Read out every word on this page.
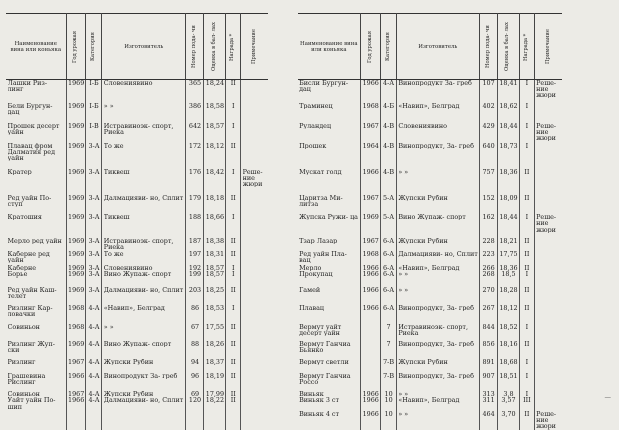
Наименование вина или коньяка	Год урожая	Категория	Изготовитель	Номер пода- чи	Оценка в бал- лах	Награда *	Примечание		Наименование вина или коньяка	Год урожая	Категория	Изготовитель	Номер пода- чи	Оценка в бал- лах	Награда *	Примечание

Лашки Риз- линг	1969	I-Б	Словениявино	365	18,24	II			Бисли Бургун- дац	1966	4-А	Винопродукт За- греб	107	18,41	I	Реше- ние жюри

Бели Бургун- дац	1969	I-Б	» »	386	18,58	I			Траминец	1968	4-Б	«Навип», Белград	402	18,62	I	

Прошек десерт уайн	1969	I-В	Истравиноэк- спорт, Риека	642	18,57	I			Руландец	1967	4-В	Словениявино	429	18,44	I	Реше- ние жюри

Плавац фром Далматия ред уайн	1969	3-А	То же	172	18,12	II			Прошек	1964	4-В	Винопродукт, За- греб	640	18,73	I	

Кратер	1969	3-А	Тиквеш	176	18,42	I	Реше- ние жюри		Мускат голд	1966	4-В	» »	757	18,36	II	

Ред уайн По- ступ	1969	3-А	Далмацияви- но, Сплит	179	18,18	II			Царитза Ми- литза	1967	5-А	Жупски Рубин	152	18,09	II	

Кратошия	1969	3-А	Тиквеш	188	18,66	I			Жупска Ружи- ца	1969	5-А	Вино Жупаж- спорт	162	18,44	I	Реше- ние жюри

Мерло ред уайн	1969	3-А	Истравиноэк- спорт, Риека	187	18,38	II			Тзар Лазар	1967	6-А	Жупски Рубин	228	18,21	II	

Каберне ред уайн	1969	3-А	То же	197	18,31	II			Ред уайн Пла- вац	1968	6-А	Далмацияви- но, Сплит	223	17,75	II	

Каберне	1969	3-А	Словениявино	192	18,57	I			Мерло	1966	6-А	«Навип», Белград	266	18,36	II	

Борье	1969	3-А	Вино Жупаж- спорт	199	18,57	I			Прокупац	1966	6-А	» »	268	18,5	I	

Ред уайн Каш- телет	1969	3-А	Далмацияви- но, Сплит	203	18,25	II			Гамей	1966	6-А	» »	270	18,28	II	

Ризлинг Кар- ловачки	1968	4-А	«Навип», Белград	86	18,53	I			Плавац	1966	6-А	Винопродукт, За- греб	267	18,12	II	

Совиньон	1968	4-А	» »	67	17,55	II			Вермут уайт десерт уайн		7	Истравиноэк- спорт, Риека	844	18,52	I	

Ризлинг Жуп- ски	1969	4-А	Вино Жупаж- спорт	88	18,26	II			Вермут Ганчиа Бьянко		7	Винопродукт, За- греб	856	18,16	II	

Ризлинг	1967	4-А	Жупски Рубин	94	18,37	II			Вермут светли		7-В	Жупски Рубин	891	18,68	I	

Грашевина Рислинг	1966	4-А	Винопродукт За- греб	96	18,19	II			Вермут Ганчиа Россо		7-В	Винопродукт, За- греб	907	18,51	I	

Совиньон	1967	4-А	Жупски Рубин	69	17,99	II			Виньяк	1966	10	» »	313	3,8	I	

Уайт уайн По- шип	1966	4-А	Далмацияви- но, Сплит	120	18,22	II			Виньяк 3 ст	1966	10	«Навип», Белград	311	3,57	III	

									Виньяк 4 ст	1966	10	» »	464	3,70	II	Реше- ние жюри
—
